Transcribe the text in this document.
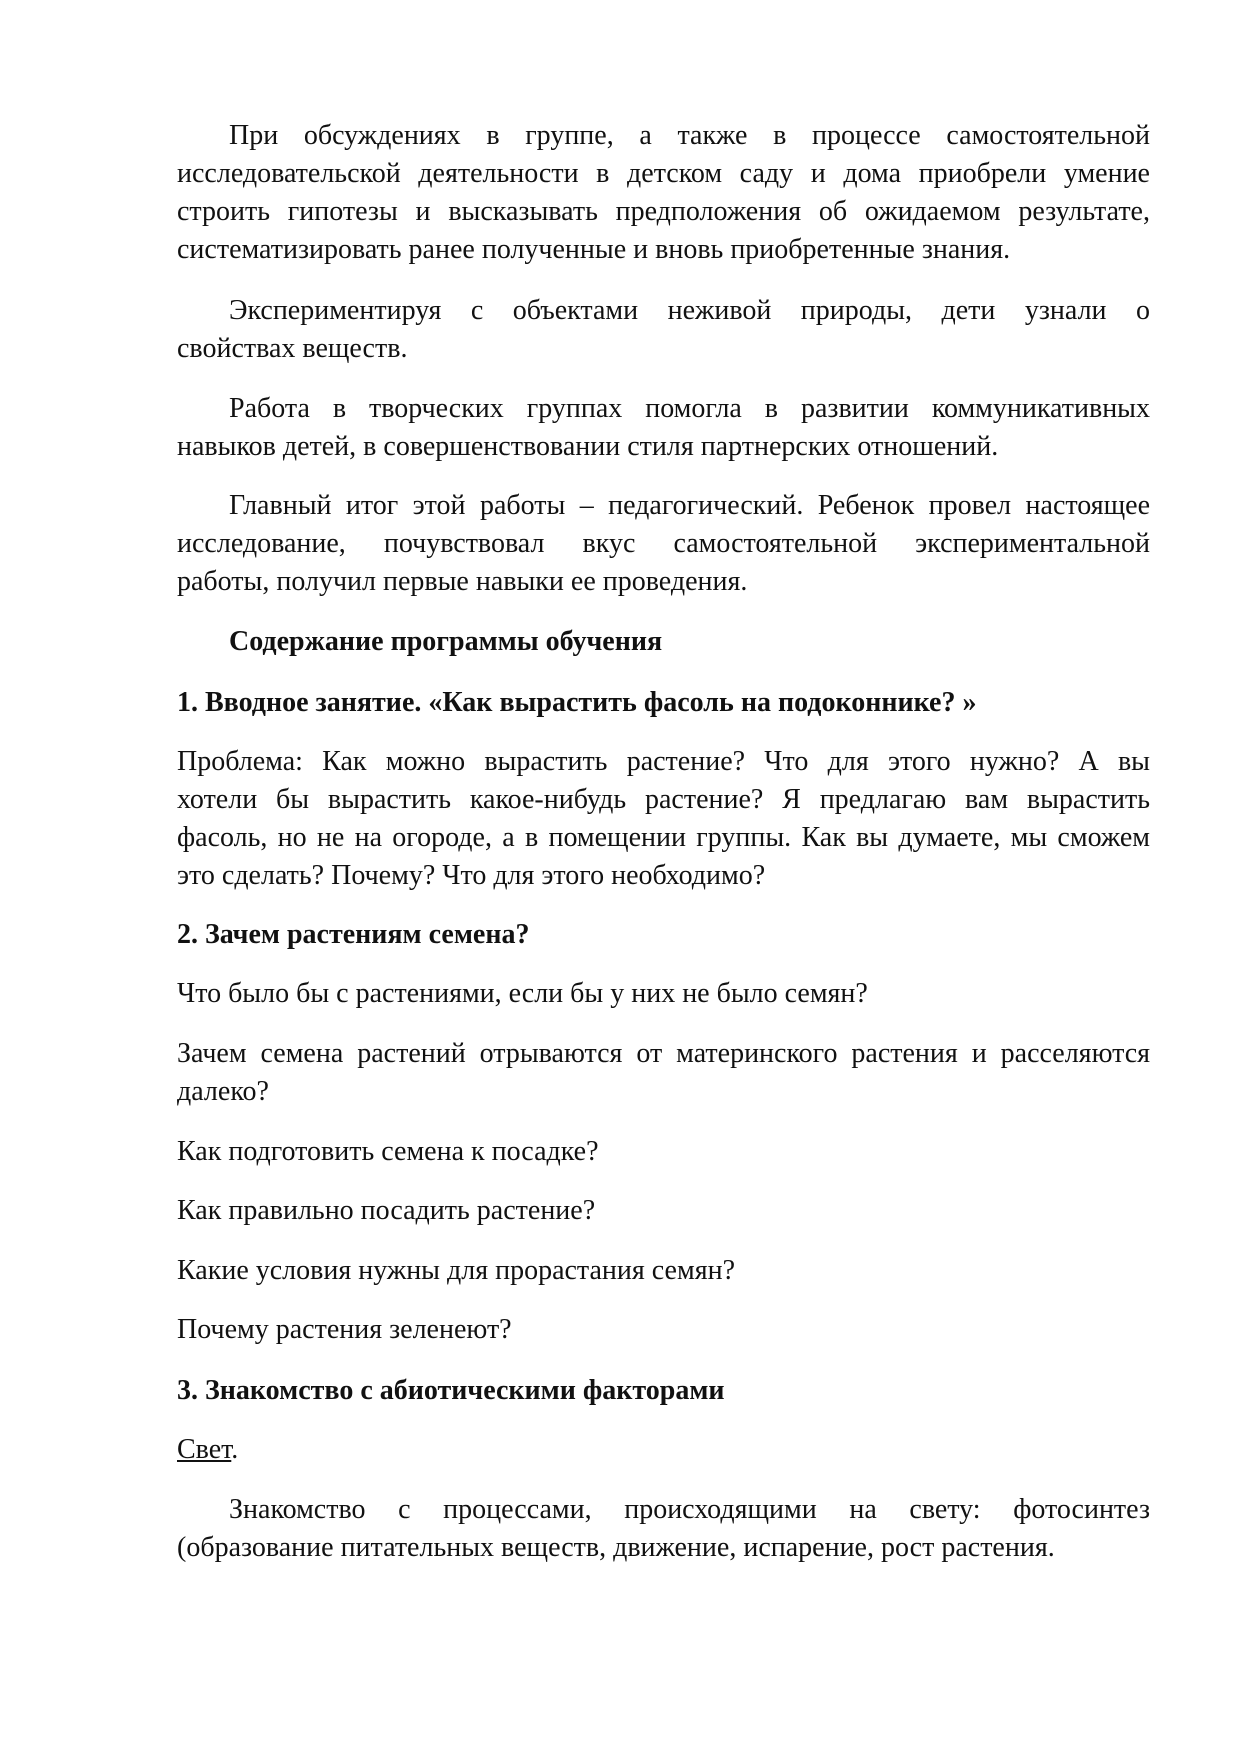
При обсуждениях в группе, а также в процессе самостоятельной
исследовательской деятельности в детском саду и дома приобрели умение
строить гипотезы и высказывать предположения об ожидаемом результате,
систематизировать ранее полученные и вновь приобретенные знания.
Экспериментируя с объектами неживой природы, дети узнали о
свойствах веществ.
Работа в творческих группах помогла в развитии коммуникативных
навыков детей, в совершенствовании стиля партнерских отношений.
Главный итог этой работы – педагогический. Ребенок провел настоящее
исследование, почувствовал вкус самостоятельной экспериментальной
работы, получил первые навыки ее проведения.
Содержание программы обучения
1. Вводное занятие. «Как вырастить фасоль на подоконнике? »
Проблема: Как можно вырастить растение? Что для этого нужно? А вы
хотели бы вырастить какое-нибудь растение? Я предлагаю вам вырастить
фасоль, но не на огороде, а в помещении группы. Как вы думаете, мы сможем
это сделать? Почему? Что для этого необходимо?
2. Зачем растениям семена?
Что было бы с растениями, если бы у них не было семян?
Зачем семена растений отрываются от материнского растения и расселяются
далеко?
Как подготовить семена к посадке?
Как правильно посадить растение?
Какие условия нужны для прорастания семян?
Почему растения зеленеют?
3. Знакомство с абиотическими факторами
Свет.
Знакомство с процессами, происходящими на свету: фотосинтез
(образование питательных веществ, движение, испарение, рост растения.
